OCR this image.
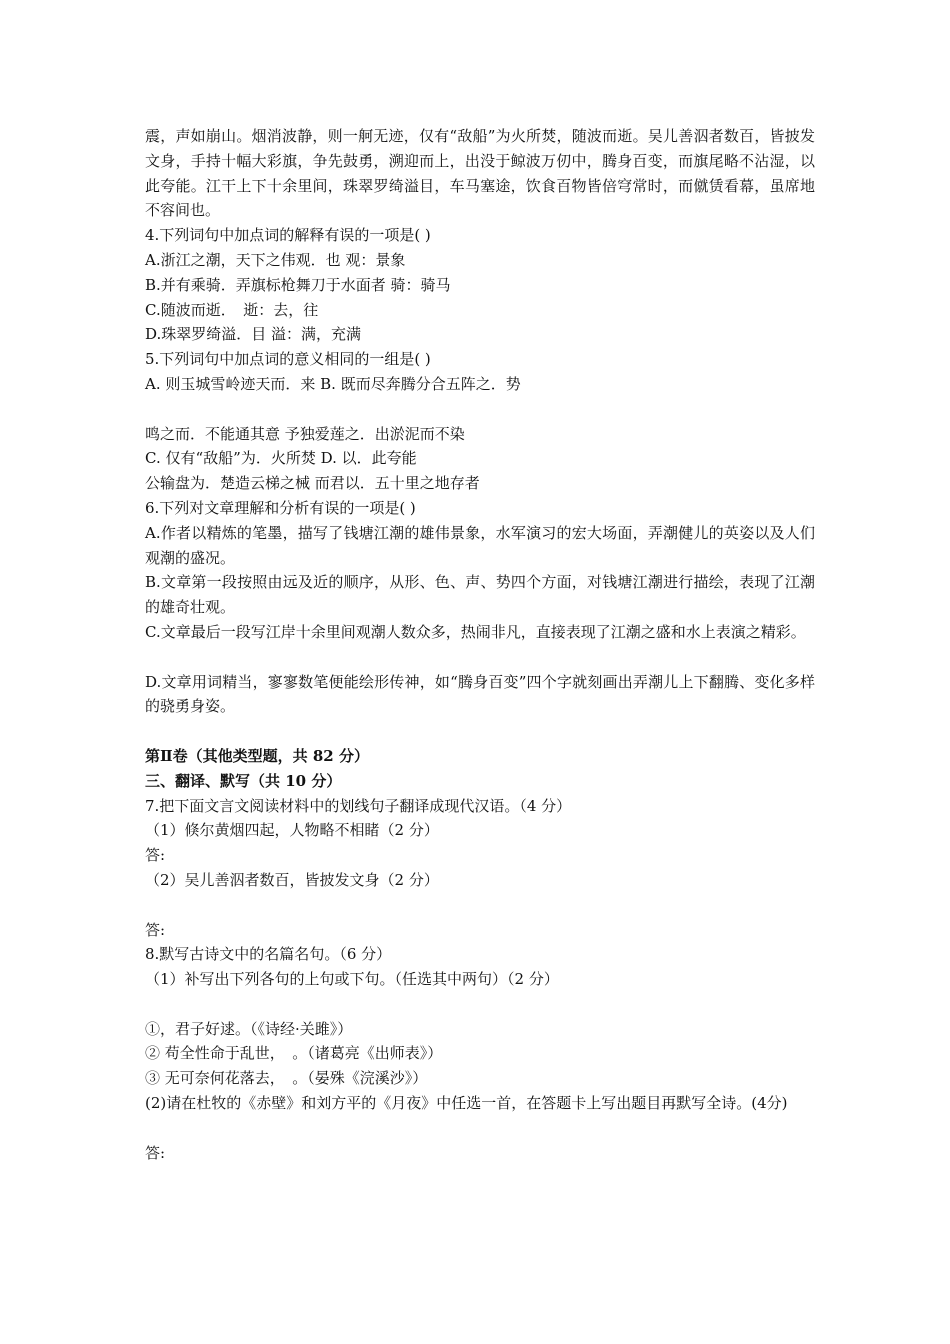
震，声如崩山。烟消波静，则一舸无迹，仅有“敌船”为火所焚，随波而逝。吴儿善泅者数百，皆披发文身，手持十幅大彩旗，争先鼓勇，溯迎而上，出没于鲸波万仞中，腾身百变，而旗尾略不沾湿，以此夸能。江干上下十余里间，珠翠罗绮溢目，车马塞途，饮食百物皆倍穹常时，而僦赁看幕，虽席地不容间也。
4.下列词句中加点词的解释有误的一项是( )
A.浙江之潮，天下之伟观．也 观：景象
B.并有乘骑．弄旗标枪舞刀于水面者 骑：骑马
C.随波而逝．　逝：去，往
D.珠翠罗绮溢．目 溢：满，充满
5.下列词句中加点词的意义相同的一组是( )
A. 则玉城雪岭迹天而．来 B. 既而尽奔腾分合五阵之．势
鸣之而．不能通其意 予独爱莲之．出淤泥而不染
C. 仅有“敌船”为．火所焚 D. 以．此夸能
公输盘为．楚造云梯之械 而君以．五十里之地存者
6.下列对文章理解和分析有误的一项是( )
A.作者以精炼的笔墨，描写了钱塘江潮的雄伟景象，水军演习的宏大场面，弄潮健儿的英姿以及人们观潮的盛况。
B.文章第一段按照由远及近的顺序，从形、色、声、势四个方面，对钱塘江潮进行描绘，表现了江潮的雄奇壮观。
C.文章最后一段写江岸十余里间观潮人数众多，热闹非凡，直接表现了江潮之盛和水上表演之精彩。
D.文章用词精当，寥寥数笔便能绘形传神，如“腾身百变”四个字就刻画出弄潮儿上下翻腾、变化多样的骁勇身姿。
第Ⅱ卷（其他类型题，共 82 分）
三、翻译、默写（共 10 分）
7.把下面文言文阅读材料中的划线句子翻译成现代汉语。（4 分）
（1）倏尔黄烟四起，人物略不相睹（2 分）
答:
（2）吴儿善泅者数百，皆披发文身（2 分）
答:
8.默写古诗文中的名篇名句。（6 分）
（1）补写出下列各句的上句或下句。（任选其中两句）（2 分）
①，君子好逑。（《诗经·关雎》）
② 苟全性命于乱世，　。（诸葛亮《出师表》）
③ 无可奈何花落去，　。（晏殊《浣溪沙》）
(2)请在杜牧的《赤壁》和刘方平的《月夜》中任选一首，在答题卡上写出题目再默写全诗。(4分)
答:
